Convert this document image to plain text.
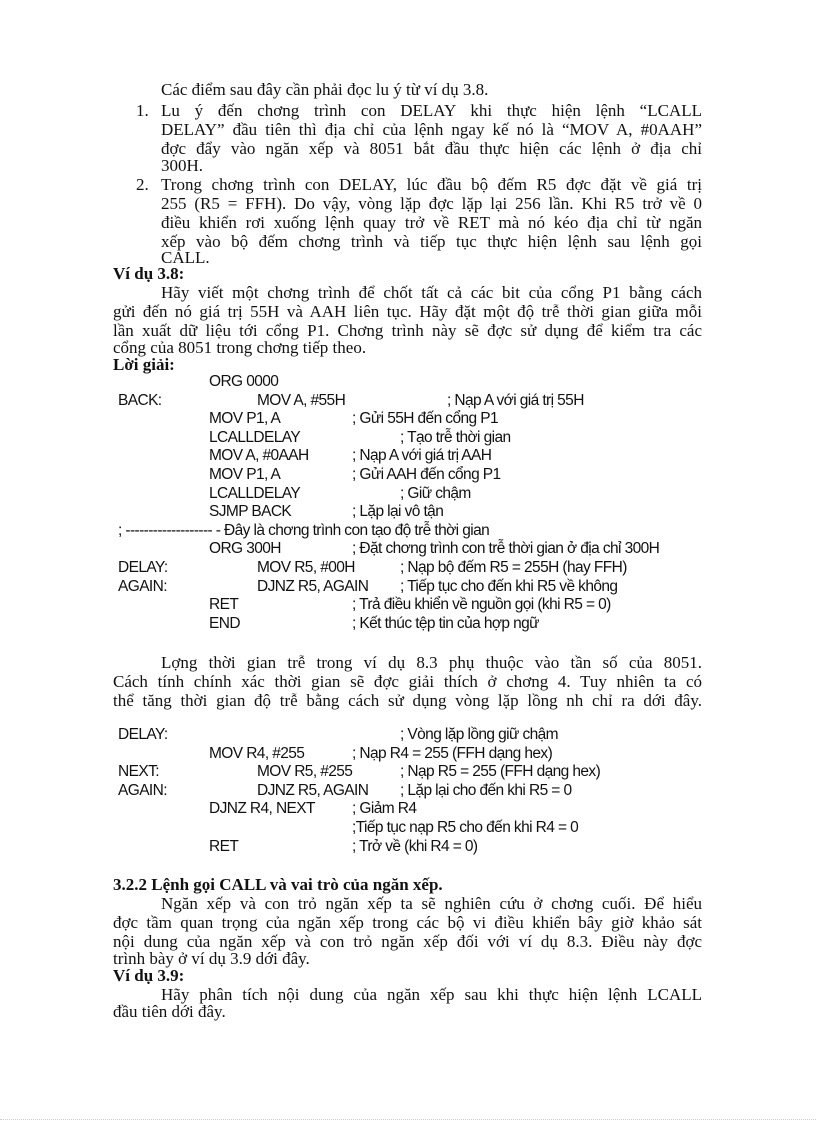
Các điểm sau đây cần phải đọc lu ý từ ví dụ 3.8.
1. Lu ý đến chơng trình con DELAY khi thực hiện lệnh “LCALL
DELAY” đầu tiên thì địa chỉ của lệnh ngay kế nó là “MOV A, #0AAH”
đợc đẩy vào ngăn xếp và 8051 bắt đầu thực hiện các lệnh ở địa chỉ
300H.
2. Trong chơng trình con DELAY, lúc đầu bộ đếm R5 đợc đặt về giá trị
255 (R5 = FFH). Do vậy, vòng lặp đợc lặp lại 256 lần. Khi R5 trở về 0
điều khiển rơi xuống lệnh quay trở về RET mà nó kéo địa chỉ từ ngăn
xếp vào bộ đếm chơng trình và tiếp tục thực hiện lệnh sau lệnh gọi
CALL.
Ví dụ 3.8:
Hãy viết một chơng trình để chốt tất cả các bit của cổng P1 bằng cách
gửi đến nó giá trị 55H và AAH liên tục. Hãy đặt một độ trễ thời gian giữa mỗi
lần xuất dữ liệu tới cổng P1. Chơng trình này sẽ đợc sử dụng để kiểm tra các
cổng của 8051 trong chơng tiếp theo.
Lời giải:
ORG 0000
BACK:	MOV A, #55H	; Nạp A với giá trị 55H
MOV P1, A	; Gửi 55H đến cổng P1
LCALLDELAY	; Tạo trễ thời gian
MOV A, #0AAH	; Nạp A với giá trị AAH
MOV P1, A	; Gửi AAH đến cổng P1
LCALLDELAY	; Giữ chậm
SJMP BACK	; Lặp lại vô tận
; ------------------- - Đây là chơng trình con tạo độ trễ thời gian
ORG 300H	; Đặt chơng trình con trễ thời gian ở địa chỉ 300H
DELAY:	MOV R5, #00H	; Nạp bộ đếm R5 = 255H (hay FFH)
AGAIN:	DJNZ R5, AGAIN ; Tiếp tục cho đến khi R5 về không
RET	; Trả điều khiển về nguồn gọi (khi R5 = 0)
END	; Kết thúc tệp tin của hợp ngữ
Lợng thời gian trễ trong ví dụ 8.3 phụ thuộc vào tần số của 8051.
Cách tính chính xác thời gian sẽ đợc giải thích ở chơng 4. Tuy nhiên ta có
thể tăng thời gian độ trễ bằng cách sử dụng vòng lặp lồng nh chỉ ra dới đây.
DELAY:	; Vòng lặp lồng giữ chậm
MOV R4, #255	; Nạp R4 = 255 (FFH dạng hex)
NEXT:	MOV R5, #255	; Nạp R5 = 255 (FFH dạng hex)
AGAIN:	DJNZ R5, AGAIN ; Lặp lại cho đến khi R5 = 0
DJNZ R4, NEXT ; Giảm R4
;Tiếp tục nạp R5 cho đến khi R4 = 0
RET	; Trở về (khi R4 = 0)
3.2.2 Lệnh gọi CALL và vai trò của ngăn xếp.
Ngăn xếp và con trỏ ngăn xếp ta sẽ nghiên cứu ở chơng cuối. Để hiểu
đợc tầm quan trọng của ngăn xếp trong các bộ vi điều khiển bây giờ khảo sát
nội dung của ngăn xếp và con trỏ ngăn xếp đối với ví dụ 8.3. Điều này đợc
trình bày ở ví dụ 3.9 dới đây.
Ví dụ 3.9:
Hãy phân tích nội dung của ngăn xếp sau khi thực hiện lệnh LCALL
đầu tiên dới đây.
